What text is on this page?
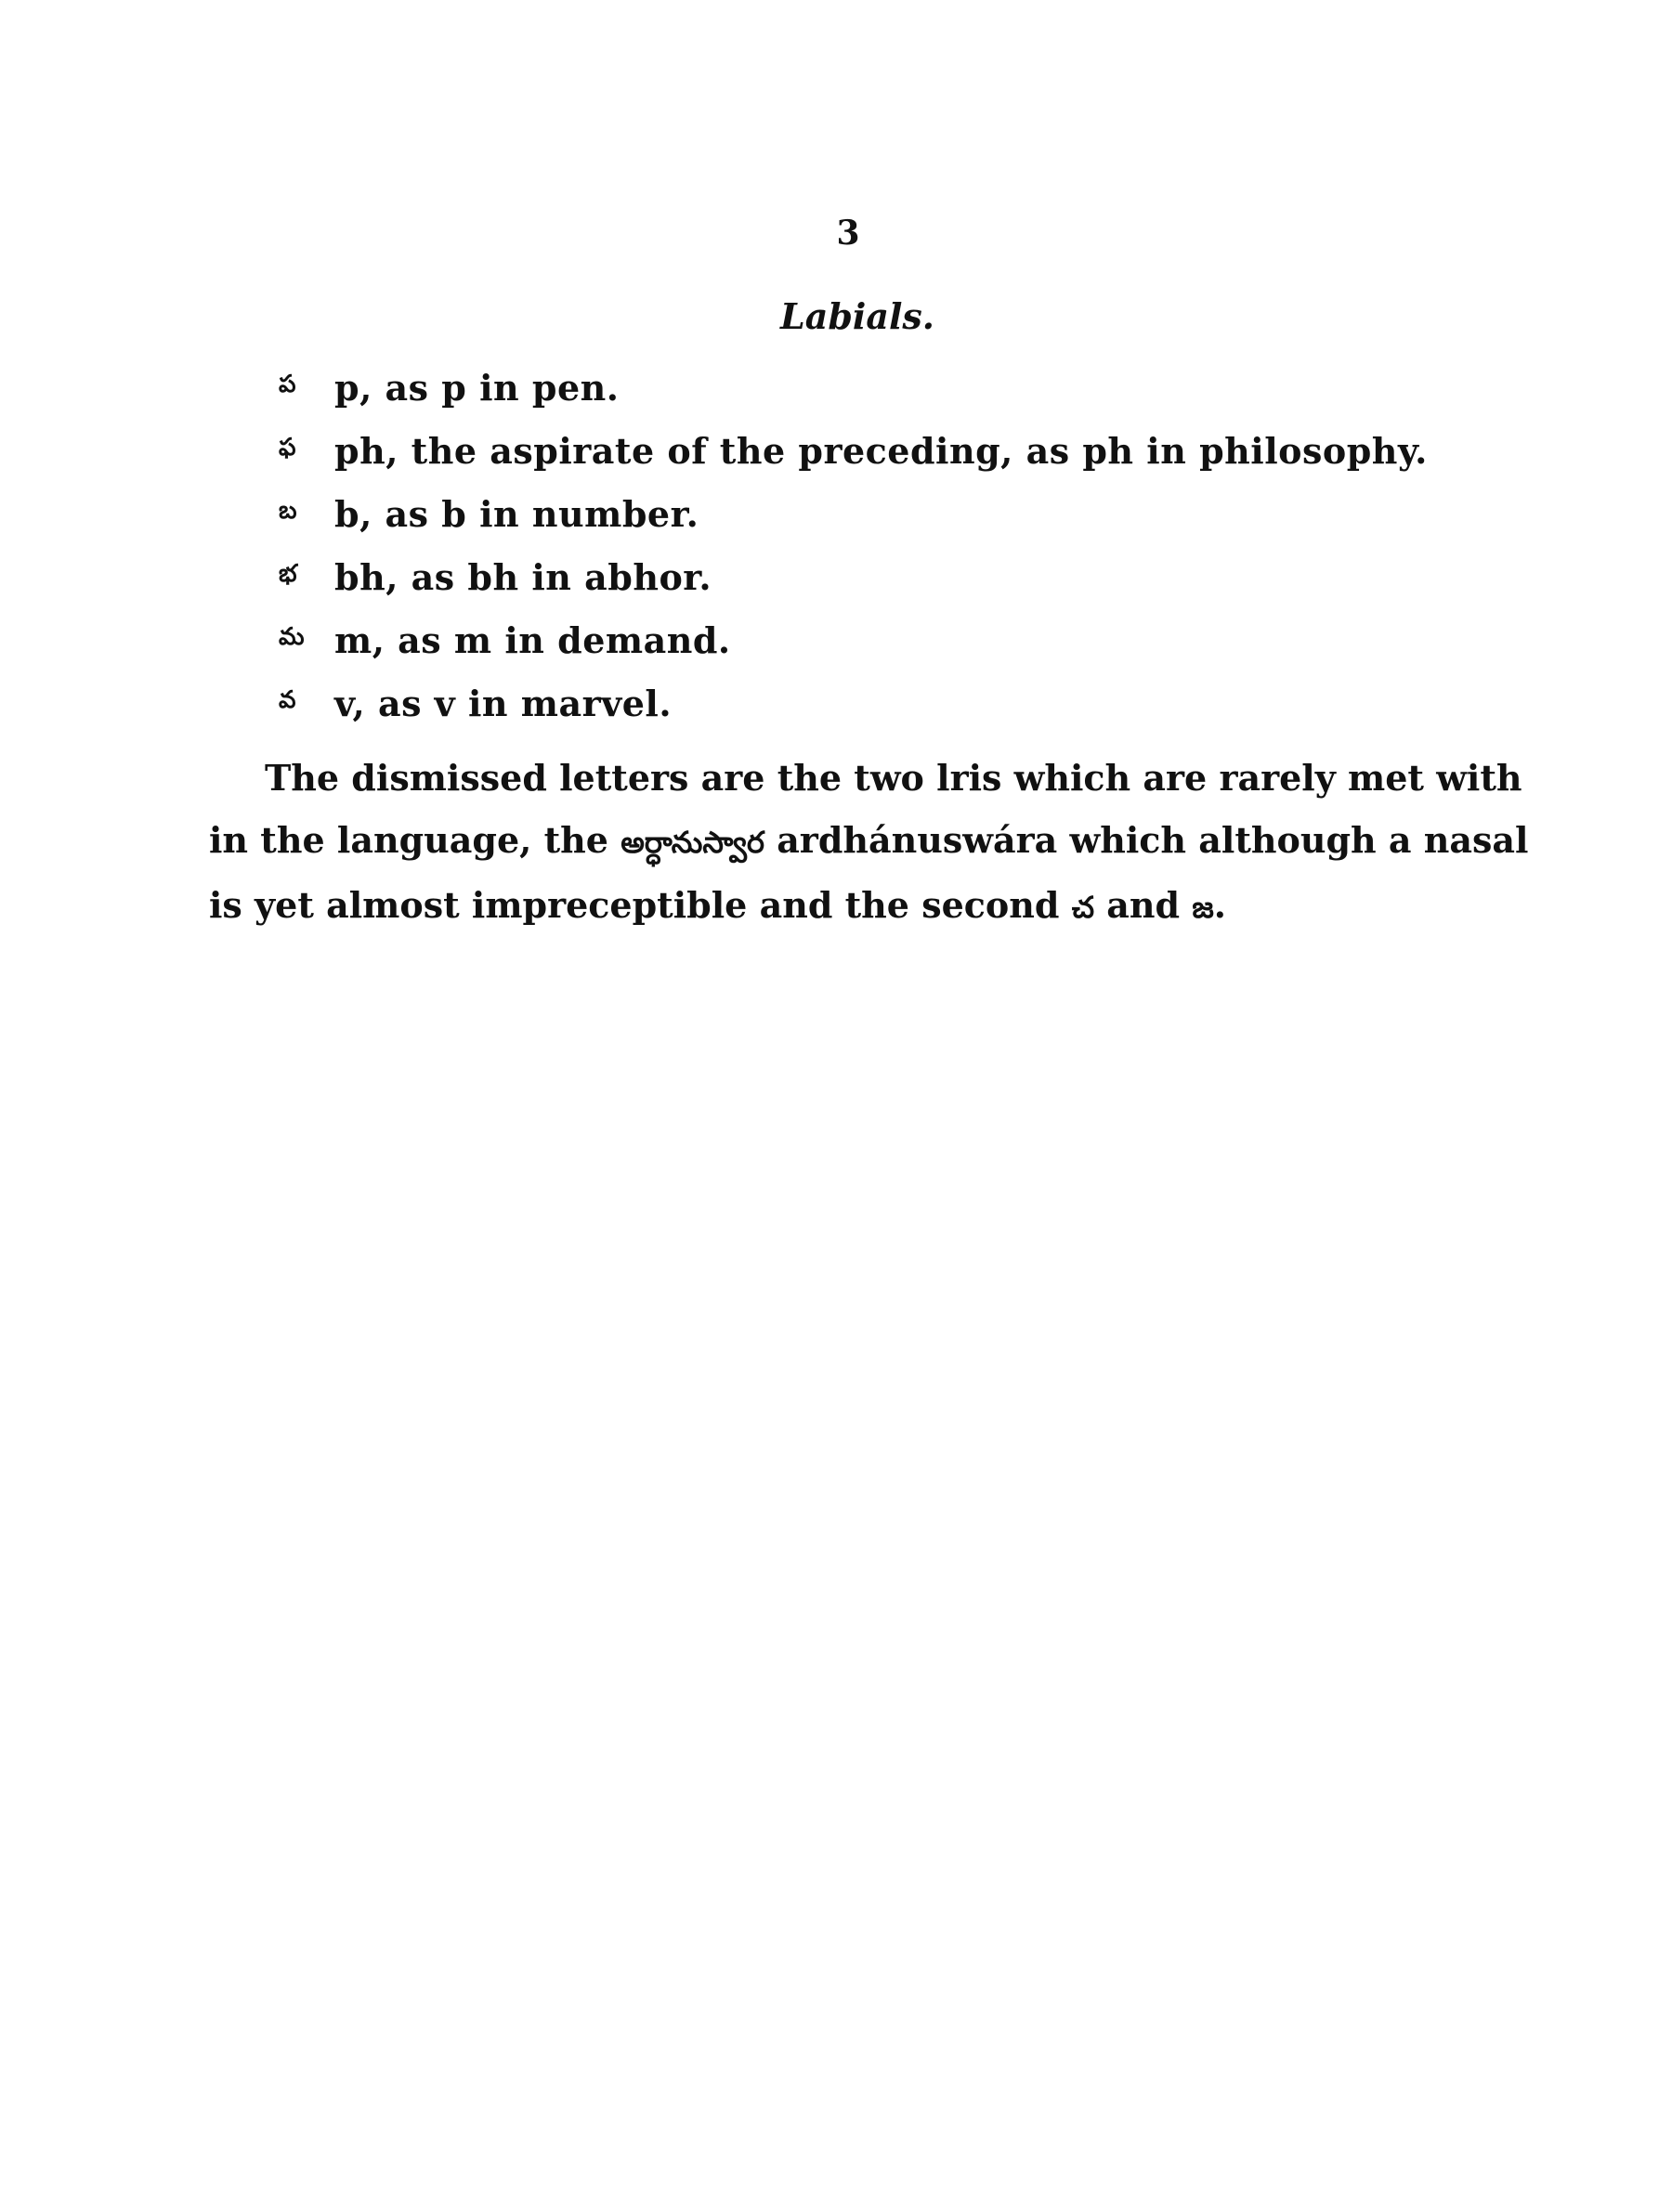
3
Labials.
ప	p, as p in pen.
ఫ	ph, the aspirate of the preceding, as ph in philosophy.
బ	b, as b in number.
భ	bh, as bh in abhor.
మ m, as m in demand.
వ	v, as v in marvel.
The dismissed letters are the two lris which are rarely met with
in the language, the అర్ధానుస్వార ardhánuswára which although a nasal
is yet almost impreceptible and the second చ and జ.
